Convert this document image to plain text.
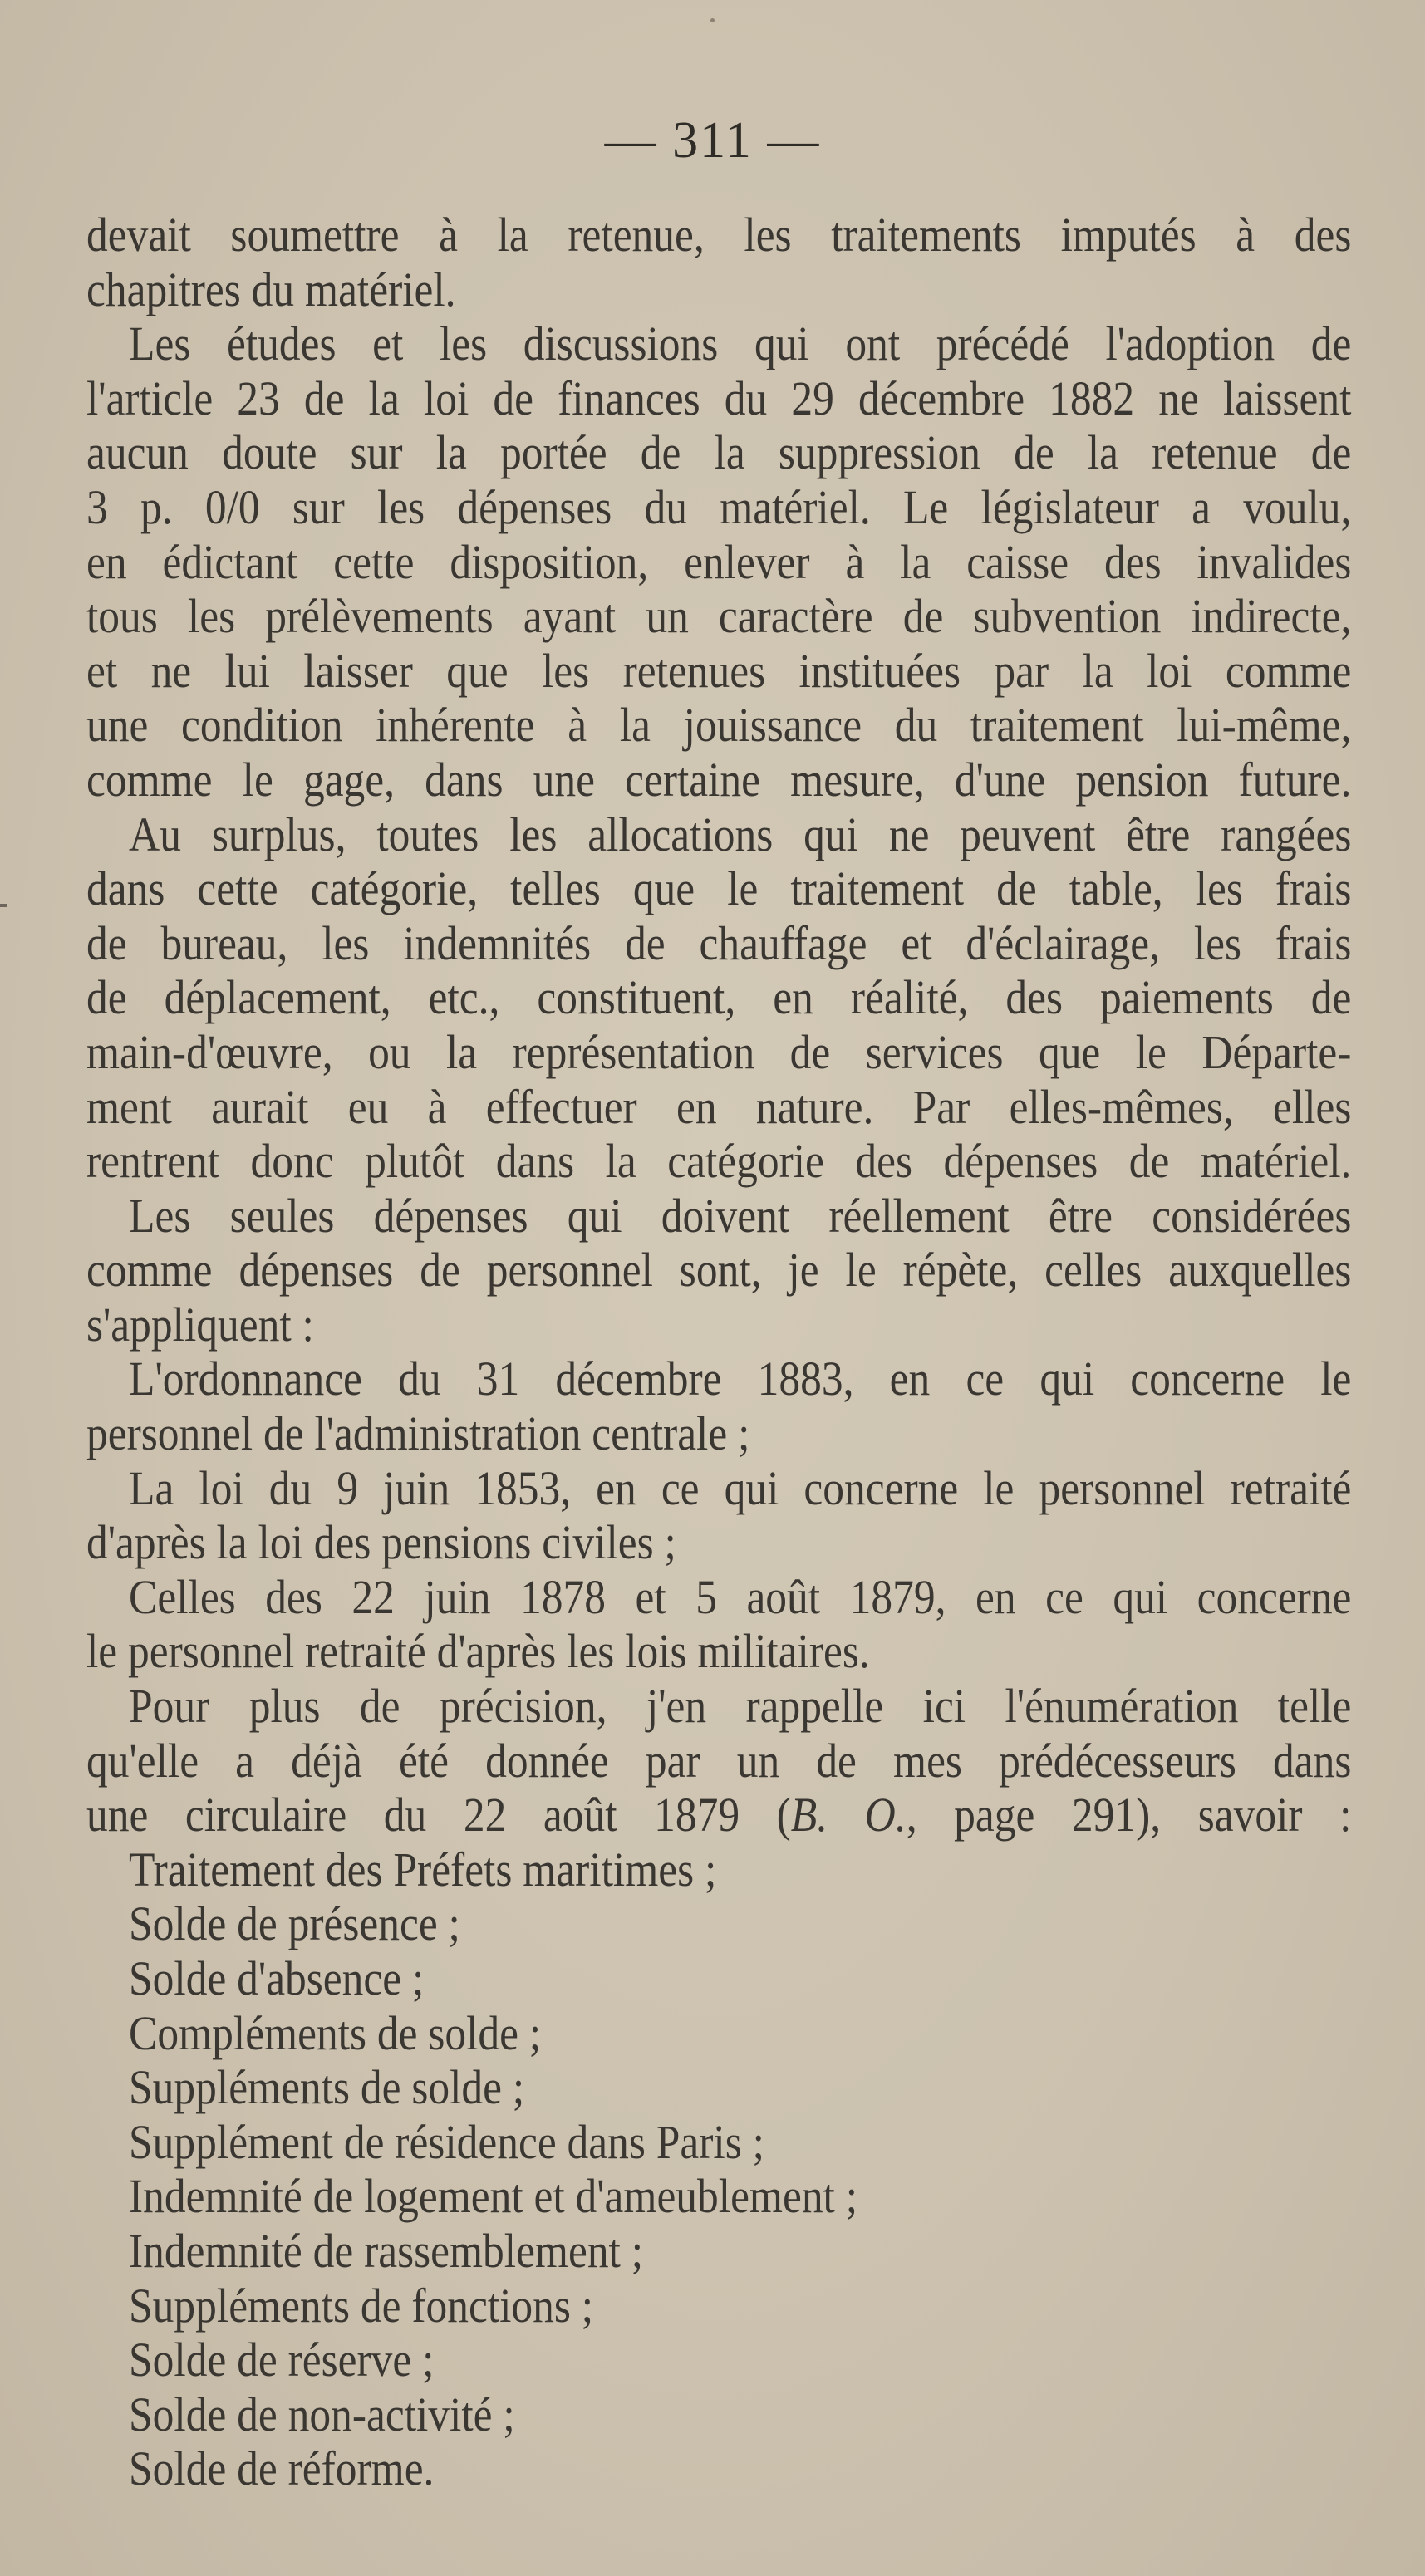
— 311 —
devait soumettre à la retenue, les traitements imputés à des
chapitres du matériel.
Les études et les discussions qui ont précédé l'adoption de
l'article 23 de la loi de finances du 29 décembre 1882 ne laissent
aucun doute sur la portée de la suppression de la retenue de
3 p. 0/0 sur les dépenses du matériel. Le législateur a voulu,
en édictant cette disposition, enlever à la caisse des invalides
tous les prélèvements ayant un caractère de subvention indirecte,
et ne lui laisser que les retenues instituées par la loi comme
une condition inhérente à la jouissance du traitement lui-même,
comme le gage, dans une certaine mesure, d'une pension future.
Au surplus, toutes les allocations qui ne peuvent être rangées
dans cette catégorie, telles que le traitement de table, les frais
de bureau, les indemnités de chauffage et d'éclairage, les frais
de déplacement, etc., constituent, en réalité, des paiements de
main-d'œuvre, ou la représentation de services que le Départe-
ment aurait eu à effectuer en nature. Par elles-mêmes, elles
rentrent donc plutôt dans la catégorie des dépenses de matériel.
Les seules dépenses qui doivent réellement être considérées
comme dépenses de personnel sont, je le répète, celles auxquelles
s'appliquent :
L'ordonnance du 31 décembre 1883, en ce qui concerne le
personnel de l'administration centrale ;
La loi du 9 juin 1853, en ce qui concerne le personnel retraité
d'après la loi des pensions civiles ;
Celles des 22 juin 1878 et 5 août 1879, en ce qui concerne
le personnel retraité d'après les lois militaires.
Pour plus de précision, j'en rappelle ici l'énumération telle
qu'elle a déjà été donnée par un de mes prédécesseurs dans
une circulaire du 22 août 1879 (B. O., page 291), savoir :
Traitement des Préfets maritimes ;
Solde de présence ;
Solde d'absence ;
Compléments de solde ;
Suppléments de solde ;
Supplément de résidence dans Paris ;
Indemnité de logement et d'ameublement ;
Indemnité de rassemblement ;
Suppléments de fonctions ;
Solde de réserve ;
Solde de non-activité ;
Solde de réforme.
